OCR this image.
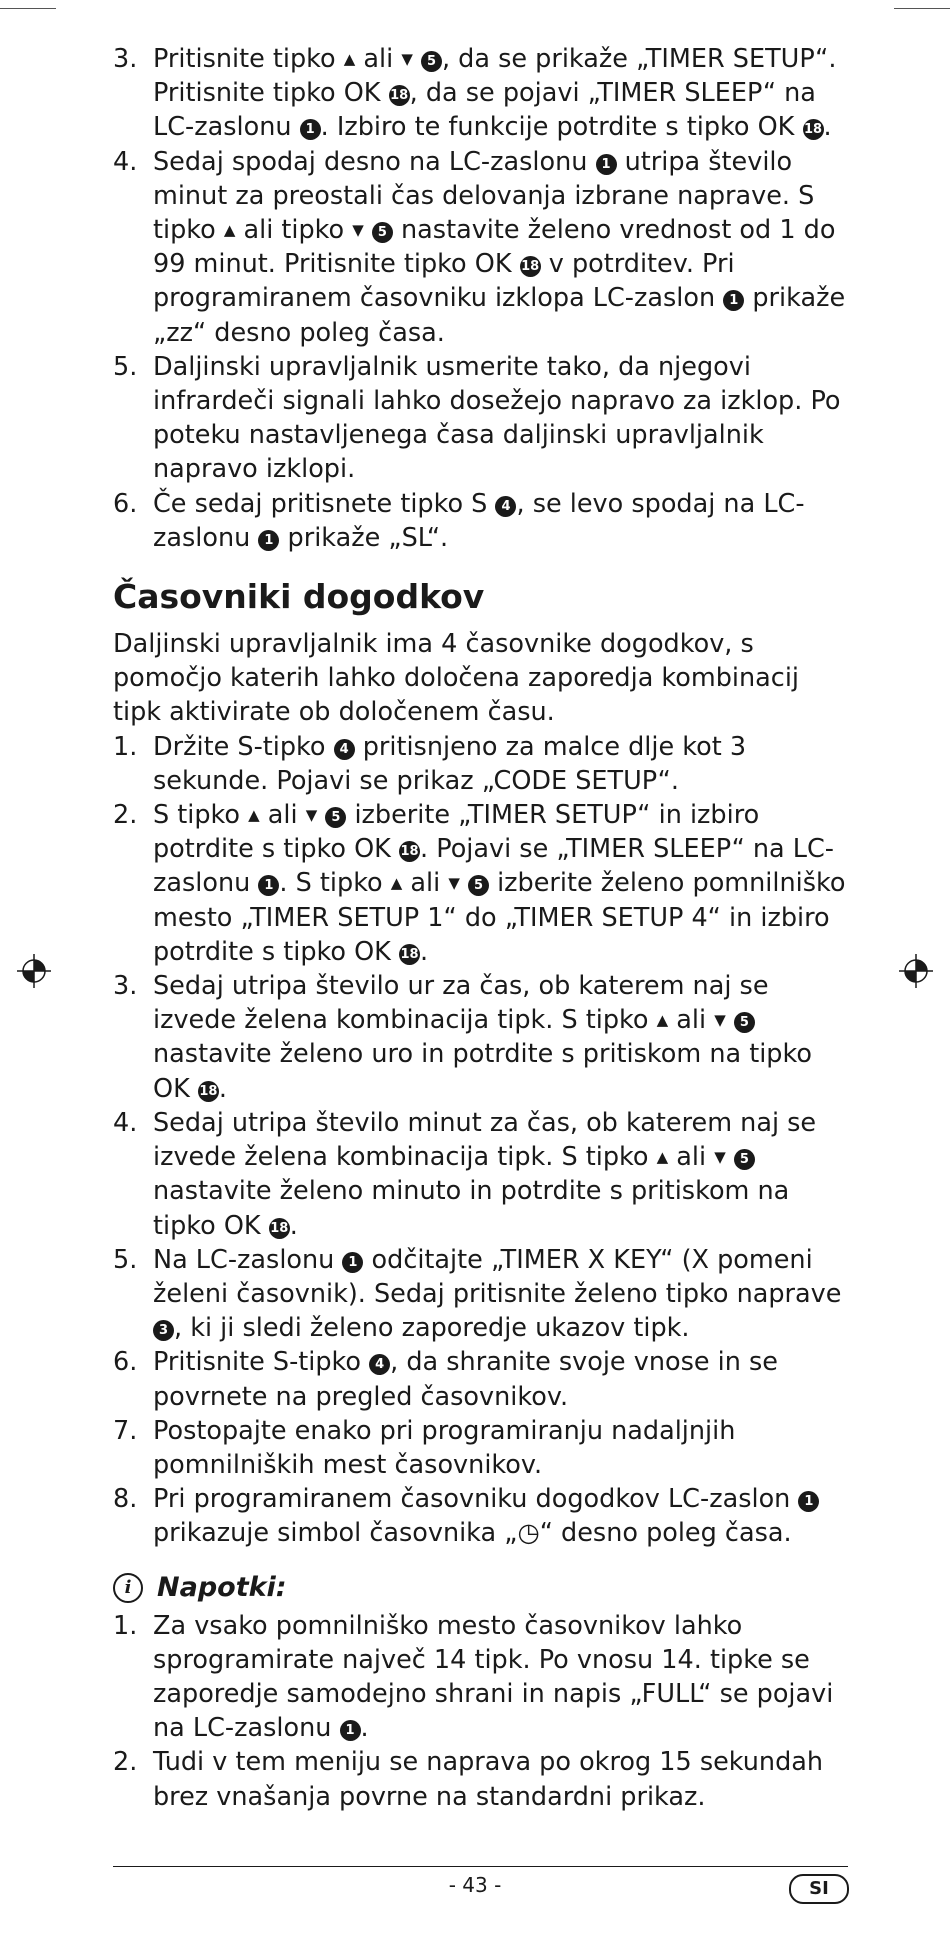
3. Pritisnite tipko ▲ ali ▼ 5 , da se prikaže „TIMER SETUP“. Pritisnite tipko OK 18, da se pojavi „TIMER SLEEP“ na LC-zaslonu 1 . Izbiro te funkcije potrdite s tipko OK 18.
4. Sedaj spodaj desno na LC-zaslonu 1 utripa število minut za preostali čas delovanja izbrane naprave. S tipko ▲ ali tipko ▼ 5 nastavite želeno vrednost od 1 do 99 minut. Pritisnite tipko OK 18 v potrditev. Pri programiranem časovniku izklopa LC-zaslon 1 prikaže „zz“ desno poleg časa.
5. Daljinski upravljalnik usmerite tako, da njegovi infrardeči signali lahko dosežejo napravo za izklop. Po poteku nastavljenega časa daljinski upravljalnik napravo izklopi.
6. Če sedaj pritisnete tipko S 4 , se levo spodaj na LC-zaslonu 1 prikaže „SL“.
Časovniki dogodkov

Daljinski upravljalnik ima 4 časovnike dogodkov, s pomočjo katerih lahko določena zaporedja kombinacij tipk aktivirate ob določenem času.

1. Držite S-tipko 4 pritisnjeno za malce dlje kot 3 sekunde. Pojavi se prikaz „CODE SETUP“.
2. S tipko ▲ ali ▼ 5 izberite „TIMER SETUP“ in izbiro potrdite s tipko OK 18. Pojavi se „TIMER SLEEP“ na LC-zaslonu 1 . S tipko ▲ ali ▼ 5 izberite želeno pomnilniško mesto „TIMER SETUP 1“ do „TIMER SETUP 4“ in izbiro potrdite s tipko OK 18.
3. Sedaj utripa število ur za čas, ob katerem naj se izvede želena kombinacija tipk. S tipko ▲ ali ▼ 5 nastavite želeno uro in potrdite s pritiskom na tipko OK 18.
4. Sedaj utripa število minut za čas, ob katerem naj se izvede želena kombinacija tipk. S tipko ▲ ali ▼ 5 nastavite želeno minuto in potrdite s pritiskom na tipko OK 18.
5. Na LC-zaslonu 1 odčitajte „TIMER X KEY“ (X pomeni želeni časovnik). Sedaj pritisnite želeno tipko naprave 3 , ki ji sledi želeno zaporedje ukazov tipk.
6. Pritisnite S-tipko 4 , da shranite svoje vnose in se povrnete na pregled časovnikov.
7. Postopajte enako pri programiranju nadaljnjih pomnilniških mest časovnikov.
8. Pri programiranem časovniku dogodkov LC-zaslon 1 prikazuje simbol časovnika „◷“ desno poleg časa.
i Napotki:
1. Za vsako pomnilniško mesto časovnikov lahko sprogramirate največ 14 tipk. Po vnosu 14. tipke se zaporedje samodejno shrani in napis „FULL“ se pojavi na LC-zaslonu 1 .
2. Tudi v tem meniju se naprava po okrog 15 sekundah brez vnašanja povrne na standardni prikaz.
- 43 -	SI
